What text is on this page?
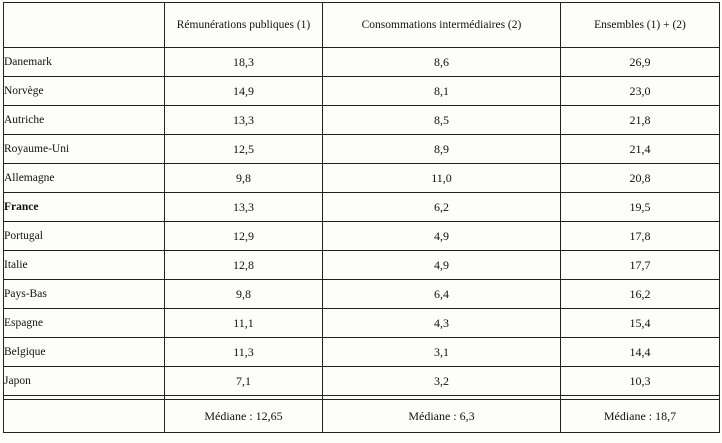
	Rémunérations publiques (1)	Consommations intermédiaires (2)	Ensembles (1) + (2)
Danemark	18,3	8,6	26,9
Norvège	14,9	8,1	23,0
Autriche	13,3	8,5	21,8
Royaume-Uni	12,5	8,9	21,4
Allemagne	9,8	11,0	20,8
France	13,3	6,2	19,5
Portugal	12,9	4,9	17,8
Italie	12,8	4,9	17,7
Pays-Bas	9,8	6,4	16,2
Espagne	11,1	4,3	15,4
Belgique	11,3	3,1	14,4
Japon	7,1	3,2	10,3

	Médiane : 12,65	Médiane : 6,3	Médiane : 18,7
